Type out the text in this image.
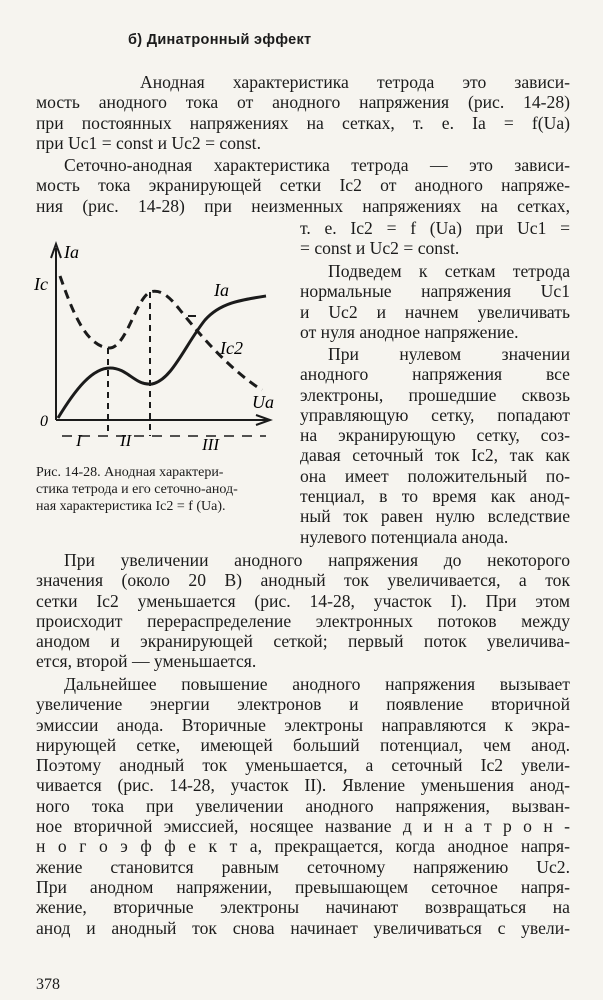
б) Динатронный эффект

Анодная характеристика тетрода это зависи-
мость анодного тока от анодного напряжения (рис. 14-28)
при постоянных напряжениях на сетках, т. е. Iа = f(Uа)
при Uc1 = const и Uc2 = const.

Сеточно-анодная характеристика тетрода — это зависи-
мость тока экранирующей сетки Ic2 от анодного напряже-
ния (рис. 14-28) при неизменных напряжениях на сетках,

т. е. Ic2 = f (Uа) при Uc1 =
= const и Uc2 = const.

Подведем к сеткам тетрода
нормальные напряжения Uc1
и Uc2 и начнем увеличивать
от нуля анодное напряжение.

При нулевом значении
анодного напряжения все
электроны, прошедшие сквозь
управляющую сетку, попадают
на экранирующую сетку, соз-
давая сеточный ток Ic2, так как
она имеет положительный по-
тенциал, в то время как анод-
ный ток равен нулю вследствие
нулевого потенциала анода.

Ia
Ic
Ua
0
Ia
Ic2
I II	III

Рис. 14-28. Анодная характери-
стика тетрода и его сеточно-анод-
ная характеристика Ic2 = f (Uа).

При увеличении анодного напряжения до некоторого
значения (около 20 В) анодный ток увеличивается, а ток
сетки Ic2 уменьшается (рис. 14-28, участок I). При этом
происходит перераспределение электронных потоков между
анодом и экранирующей сеткой; первый поток увеличива-
ется, второй — уменьшается.

Дальнейшее повышение анодного напряжения вызывает
увеличение энергии электронов и появление вторичной
эмиссии анода. Вторичные электроны направляются к экра-
нирующей сетке, имеющей больший потенциал, чем анод.
Поэтому анодный ток уменьшается, а сеточный Ic2 увели-
чивается (рис. 14-28, участок II). Явление уменьшения анод-
ного тока при увеличении анодного напряжения, вызван-
ное вторичной эмиссией, носящее название д и н а т р о н -
н о г о э ф ф е к т а, прекращается, когда анодное напря-
жение становится равным сеточному напряжению Uc2.
При анодном напряжении, превышающем сеточное напря-
жение, вторичные электроны начинают возвращаться на
анод и анодный ток снова начинает увеличиваться с увели-

378
